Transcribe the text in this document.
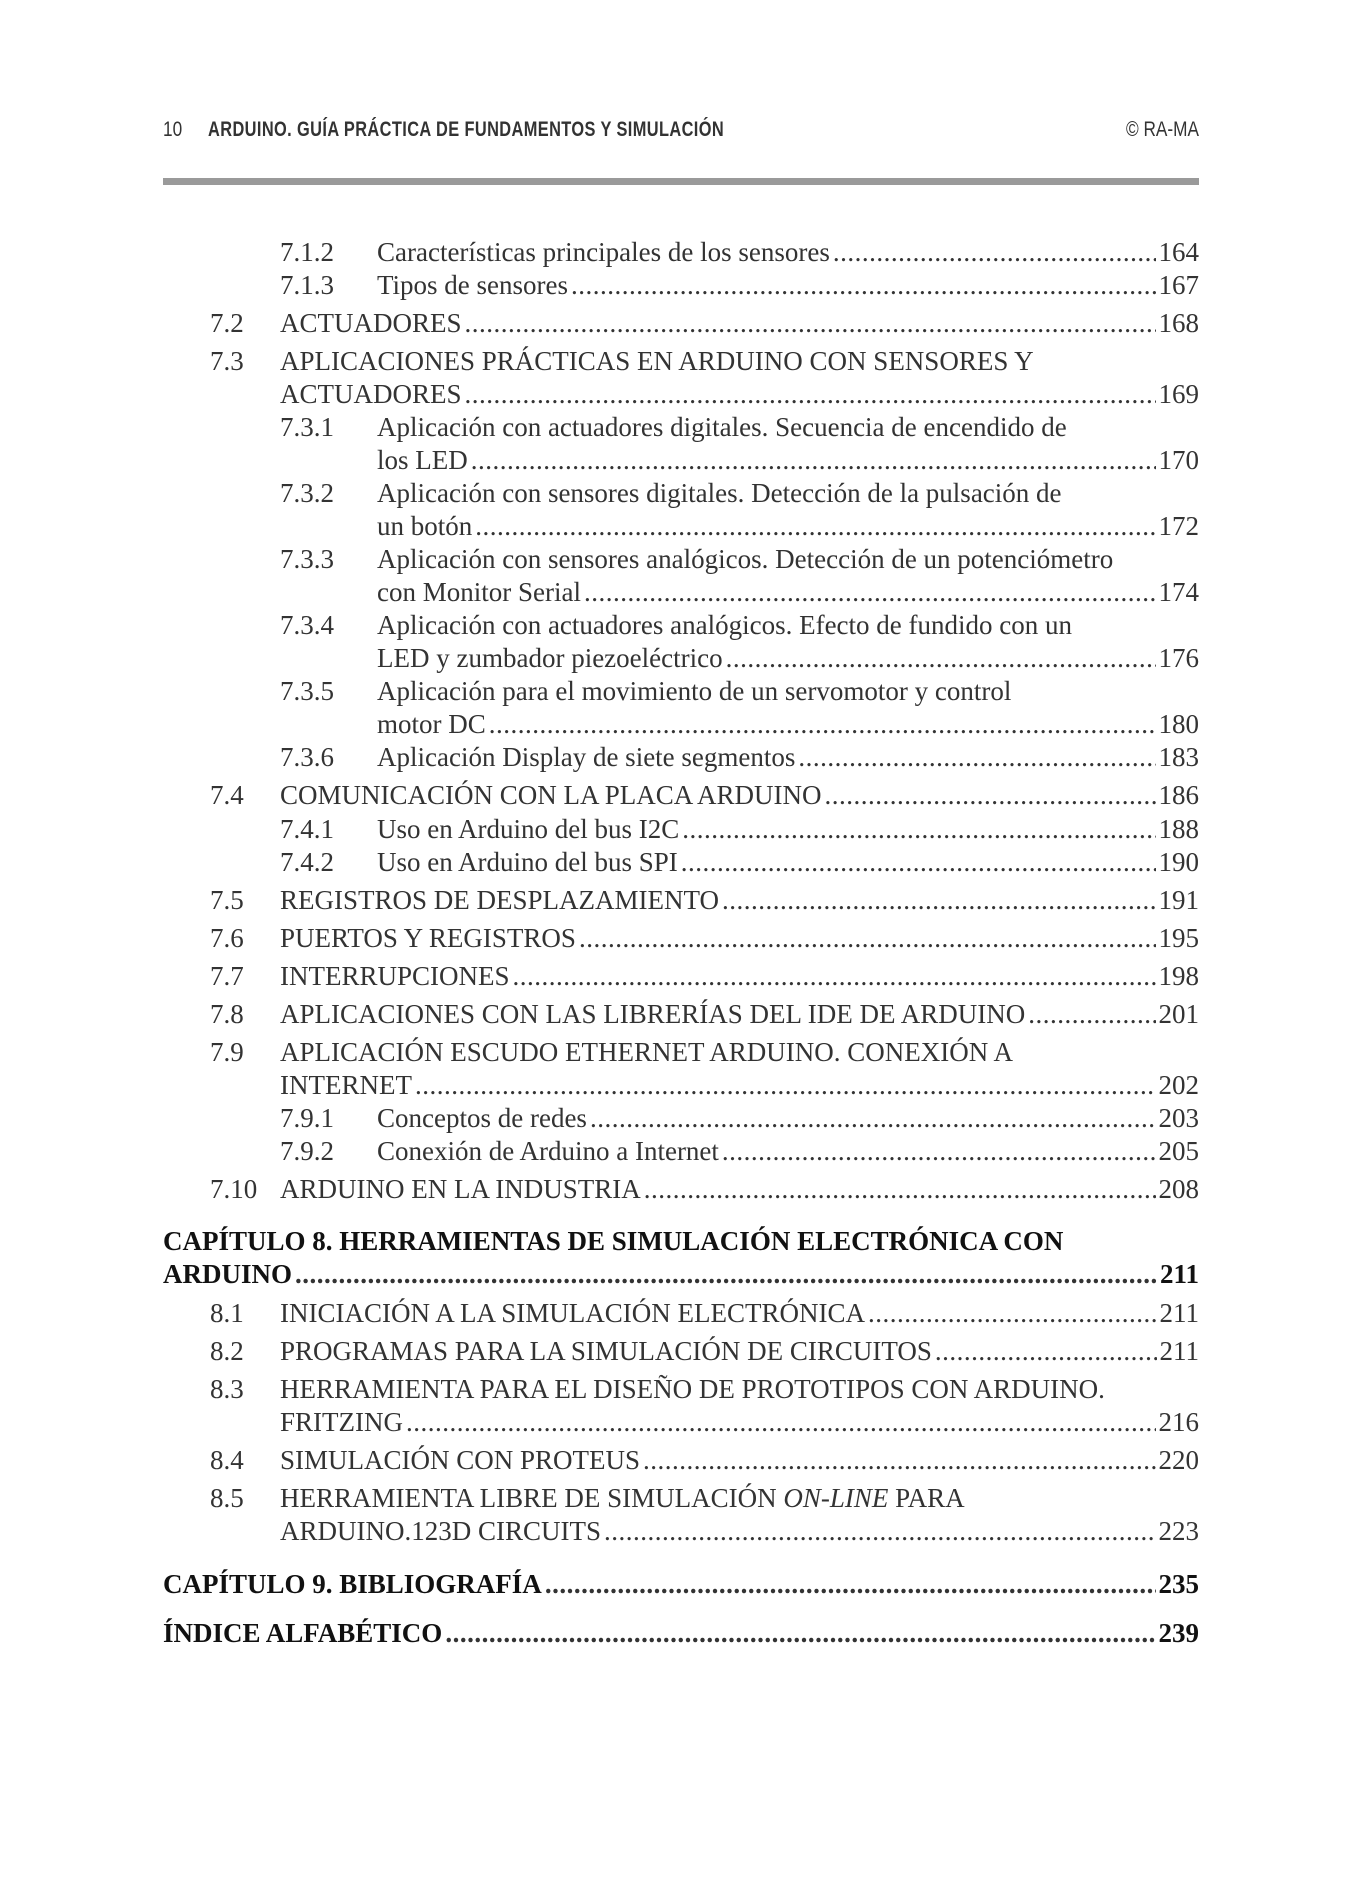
10 ARDUINO. GUÍA PRÁCTICA DE FUNDAMENTOS Y SIMULACIÓN	© RA-MA
7.1.2 Características principales de los sensores .....	164
7.1.3 Tipos de sensores .....	167
7.2 ACTUADORES .....	168
7.3 APLICACIONES PRÁCTICAS EN ARDUINO CON SENSORES Y
ACTUADORES .....	169
7.3.1 Aplicación con actuadores digitales. Secuencia de encendido de
los LED .....	170
7.3.2 Aplicación con sensores digitales. Detección de la pulsación de
un botón .....	172
7.3.3 Aplicación con sensores analógicos. Detección de un potenciómetro
con Monitor Serial .....	174
7.3.4 Aplicación con actuadores analógicos. Efecto de fundido con un
LED y zumbador piezoeléctrico .....	176
7.3.5 Aplicación para el movimiento de un servomotor y control
motor DC .....	180
7.3.6 Aplicación Display de siete segmentos .....	183
7.4 COMUNICACIÓN CON LA PLACA ARDUINO .....	186
7.4.1 Uso en Arduino del bus I2C .....	188
7.4.2 Uso en Arduino del bus SPI .....	190
7.5 REGISTROS DE DESPLAZAMIENTO .....	191
7.6 PUERTOS Y REGISTROS .....	195
7.7 INTERRUPCIONES .....	198
7.8 APLICACIONES CON LAS LIBRERÍAS DEL IDE DE ARDUINO .....	201
7.9 APLICACIÓN ESCUDO ETHERNET ARDUINO. CONEXIÓN A
INTERNET .....	202
7.9.1 Conceptos de redes .....	203
7.9.2 Conexión de Arduino a Internet .....	205
7.10 ARDUINO EN LA INDUSTRIA .....	208
CAPÍTULO 8. HERRAMIENTAS DE SIMULACIÓN ELECTRÓNICA CON
ARDUINO .....	211
8.1 INICIACIÓN A LA SIMULACIÓN ELECTRÓNICA .....	211
8.2 PROGRAMAS PARA LA SIMULACIÓN DE CIRCUITOS .....	211
8.3 HERRAMIENTA PARA EL DISEÑO DE PROTOTIPOS CON ARDUINO.
FRITZING .....	216
8.4 SIMULACIÓN CON PROTEUS .....	220
8.5 HERRAMIENTA LIBRE DE SIMULACIÓN ON-LINE PARA
ARDUINO.123D CIRCUITS .....	223
CAPÍTULO 9. BIBLIOGRAFÍA .....	235
ÍNDICE ALFABÉTICO .....	239
